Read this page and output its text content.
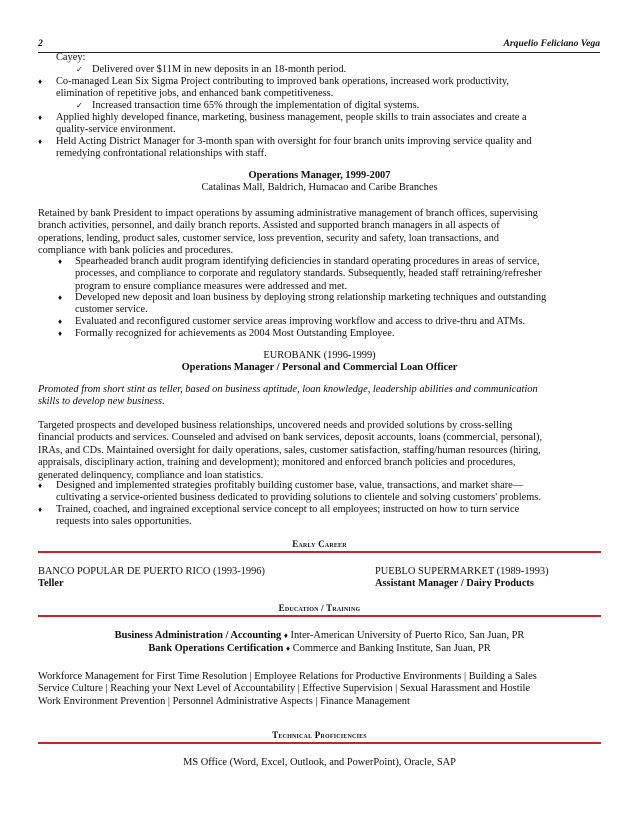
2	Arquelio Feliciano Vega
Cayey:
✓ Delivered over $11M in new deposits in an 18-month period.
♦ Co-managed Lean Six Sigma Project contributing to improved bank operations, increased work productivity,

elimination of repetitive jobs, and enhanced bank competitiveness.

✓ Increased transaction time 65% through the implementation of digital systems.
♦ Applied highly developed finance, marketing, business management, people skills to train associates and create a

quality-service environment.

♦ Held Acting District Manager for 3-month span with oversight for four branch units improving service quality and

remedying confrontational relationships with staff.

Operations Manager, 1999-2007
Catalinas Mall, Baldrich, Humacao and Caribe Branches

Retained by bank President to impact operations by assuming administrative management of branch offices, supervising

branch activities, personnel, and daily branch reports. Assisted and supported branch managers in all aspects of

operations, lending, product sales, customer service, loss prevention, security and safety, loan transactions, and

compliance with bank policies and procedures.

♦ Spearheaded branch audit program identifying deficiencies in standard operating procedures in areas of service,

processes, and compliance to corporate and regulatory standards. Subsequently, headed staff retraining/refresher

program to ensure compliance measures were addressed and met.

♦ Developed new deposit and loan business by deploying strong relationship marketing techniques and outstanding

customer service.

♦ Evaluated and reconfigured customer service areas improving workflow and access to drive-thru and ATMs.

♦ Formally recognized for achievements as 2004 Most Outstanding Employee.

EUROBANK (1996-1999)
Operations Manager / Personal and Commercial Loan Officer

Promoted from short stint as teller, based on business aptitude, loan knowledge, leadership abilities and communication

skills to develop new business.

Targeted prospects and developed business relationships, uncovered needs and provided solutions by cross-selling

financial products and services. Counseled and advised on bank services, deposit accounts, loans (commercial, personal),

IRAs, and CDs. Maintained oversight for daily operations, sales, customer satisfaction, staffing/human resources (hiring,

appraisals, disciplinary action, training and development); monitored and enforced branch policies and procedures,

generated delinquency, compliance and loan statistics.

♦ Designed and implemented strategies profitably building customer base, value, transactions, and market share—

cultivating a service-oriented business dedicated to providing solutions to clientele and solving customers' problems.

♦ Trained, coached, and ingrained exceptional service concept to all employees; instructed on how to turn service

requests into sales opportunities.

Early Career

BANCO POPULAR DE PUERTO RICO (1993-1996)

Teller

PUEBLO SUPERMARKET (1989-1993)

Assistant Manager / Dairy Products

Education / Training
Business Administration / Accounting ♦ Inter-American University of Puerto Rico, San Juan, PR
Bank Operations Certification ♦ Commerce and Banking Institute, San Juan, PR

Workforce Management for First Time Resolution | Employee Relations for Productive Environments | Building a Sales

Service Culture | Reaching your Next Level of Accountability | Effective Supervision | Sexual Harassment and Hostile

Work Environment Prevention | Personnel Administrative Aspects | Finance Management

Technical Proficiencies
MS Office (Word, Excel, Outlook, and PowerPoint), Oracle, SAP
